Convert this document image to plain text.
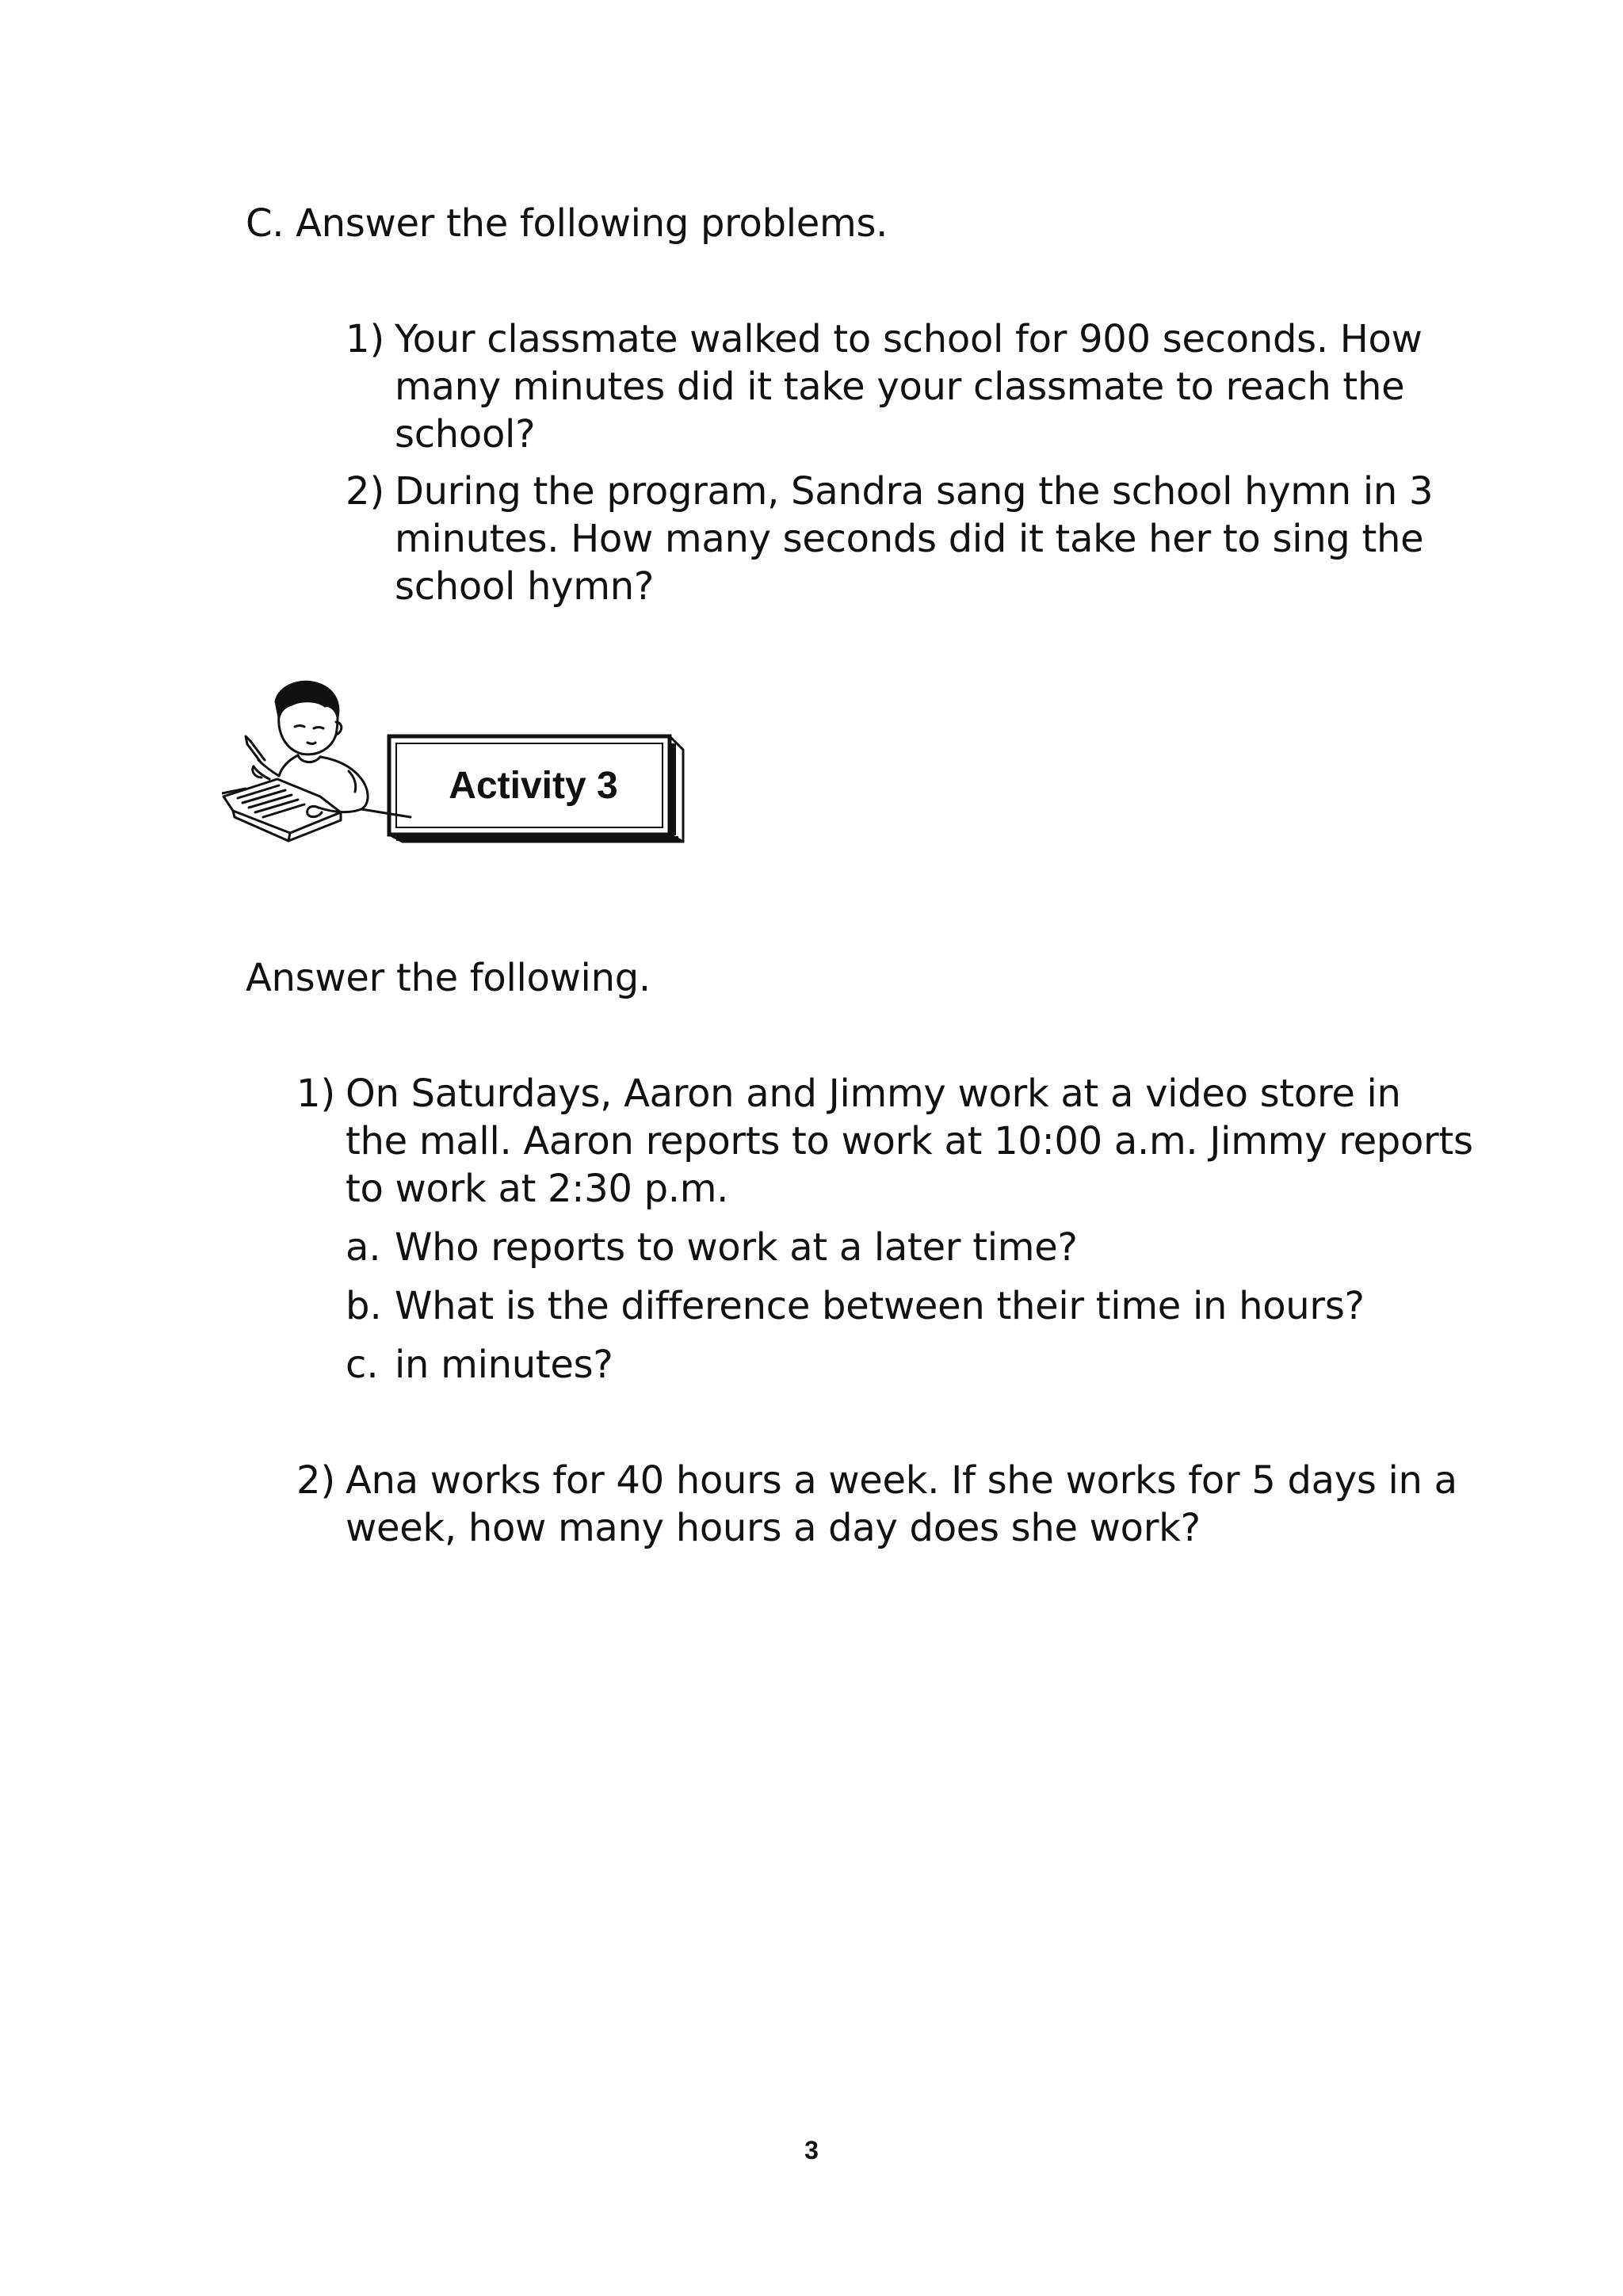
C. Answer the following problems.
1) Your classmate walked to school for 900 seconds. How
many minutes did it take your classmate to reach the
school?
2) During the program, Sandra sang the school hymn in 3
minutes. How many seconds did it take her to sing the
school hymn?
Activity 3
Answer the following.
1) On Saturdays, Aaron and Jimmy work at a video store in
the mall. Aaron reports to work at 10:00 a.m. Jimmy reports
to work at 2:30 p.m.
a. Who reports to work at a later time?
b. What is the difference between their time in hours?
c. in minutes?
2) Ana works for 40 hours a week. If she works for 5 days in a
week, how many hours a day does she work?
3
